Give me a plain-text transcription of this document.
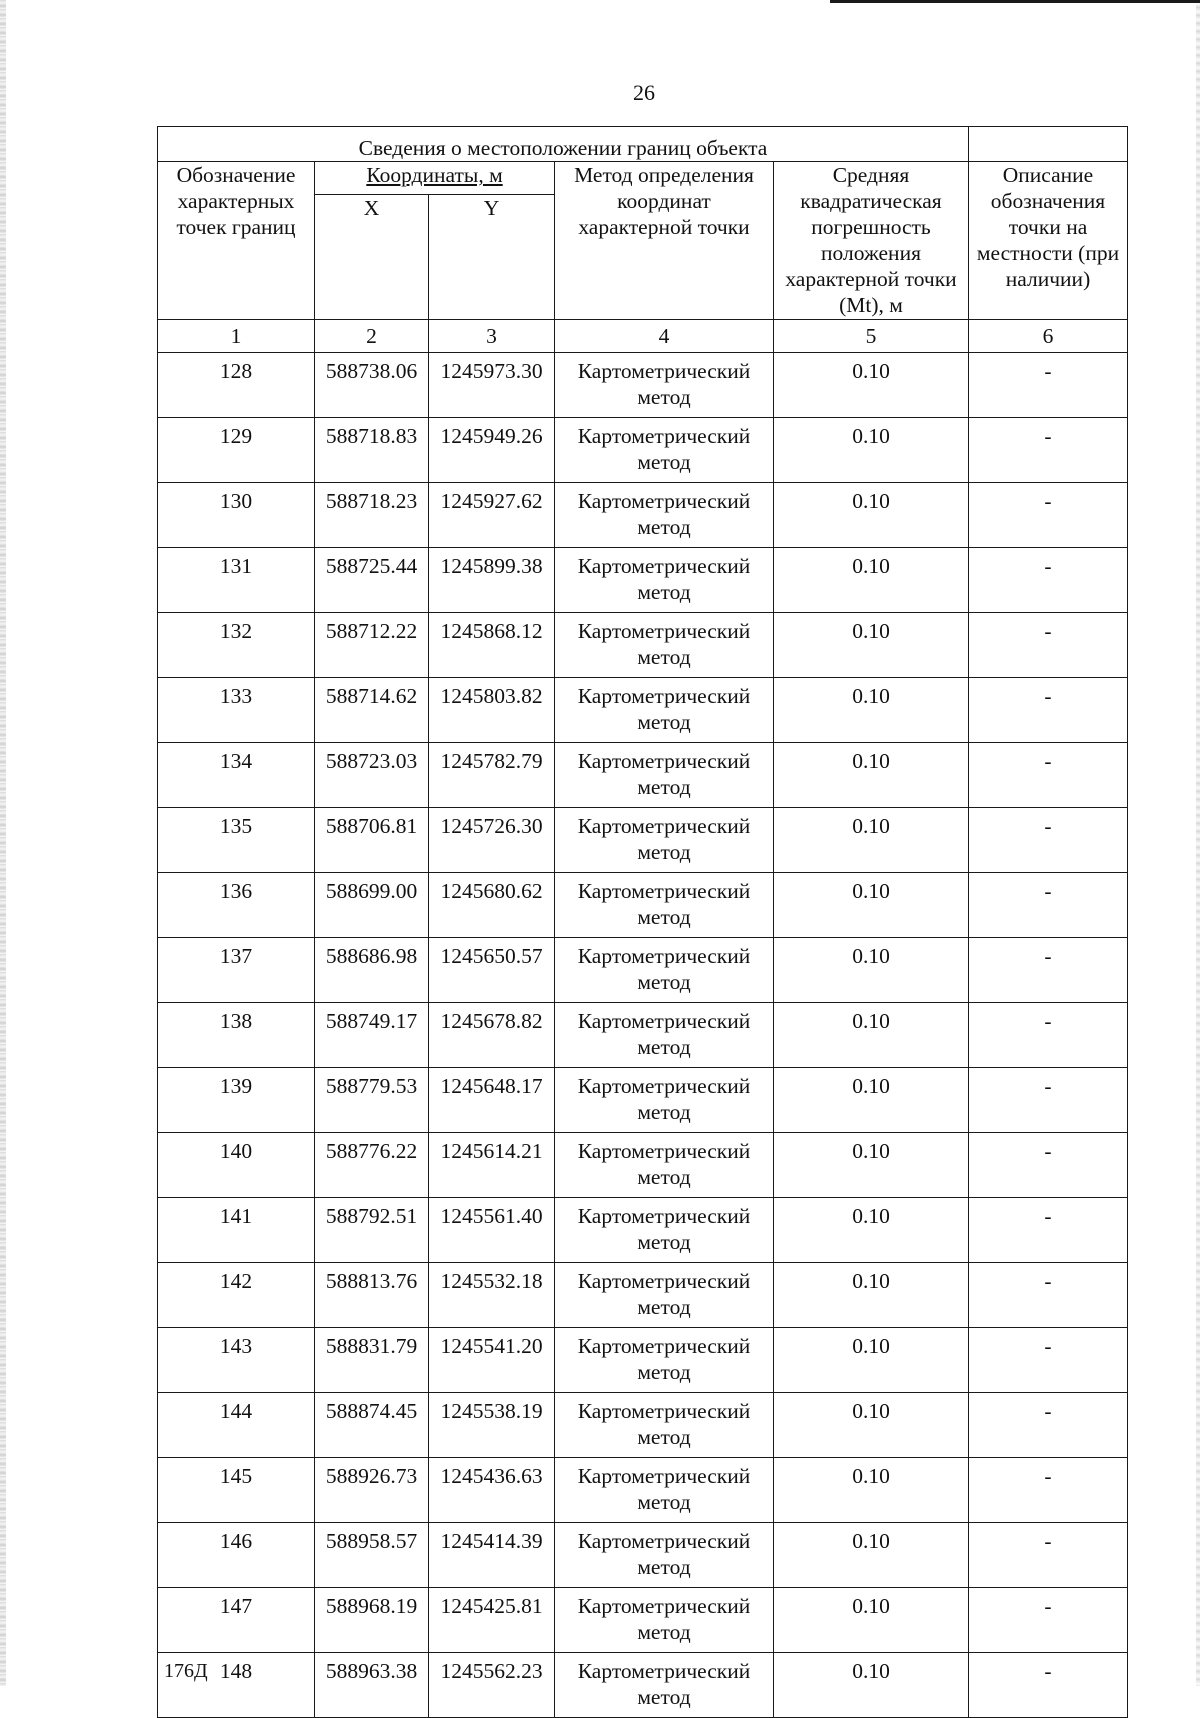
26
Сведения о местоположении границ объекта					
Обозначение характерных точек границ	Координаты, м		Метод определения координат характерной точки	Средняя квадратическая погрешность положения характерной точки (Mt), м	Описание обозначения точки на местности (при наличии)
	X	Y			
1	2	3	4	5	6
128	588738.06	1245973.30	Картометрический метод	0.10	-
129	588718.83	1245949.26	Картометрический метод	0.10	-
130	588718.23	1245927.62	Картометрический метод	0.10	-
131	588725.44	1245899.38	Картометрический метод	0.10	-
132	588712.22	1245868.12	Картометрический метод	0.10	-
133	588714.62	1245803.82	Картометрический метод	0.10	-
134	588723.03	1245782.79	Картометрический метод	0.10	-
135	588706.81	1245726.30	Картометрический метод	0.10	-
136	588699.00	1245680.62	Картометрический метод	0.10	-
137	588686.98	1245650.57	Картометрический метод	0.10	-
138	588749.17	1245678.82	Картометрический метод	0.10	-
139	588779.53	1245648.17	Картометрический метод	0.10	-
140	588776.22	1245614.21	Картометрический метод	0.10	-
141	588792.51	1245561.40	Картометрический метод	0.10	-
142	588813.76	1245532.18	Картометрический метод	0.10	-
143	588831.79	1245541.20	Картометрический метод	0.10	-
144	588874.45	1245538.19	Картометрический метод	0.10	-
145	588926.73	1245436.63	Картометрический метод	0.10	-
146	588958.57	1245414.39	Картометрический метод	0.10	-
147	588968.19	1245425.81	Картометрический метод	0.10	-
148	588963.38	1245562.23	Картометрический метод	0.10	-
176Д
